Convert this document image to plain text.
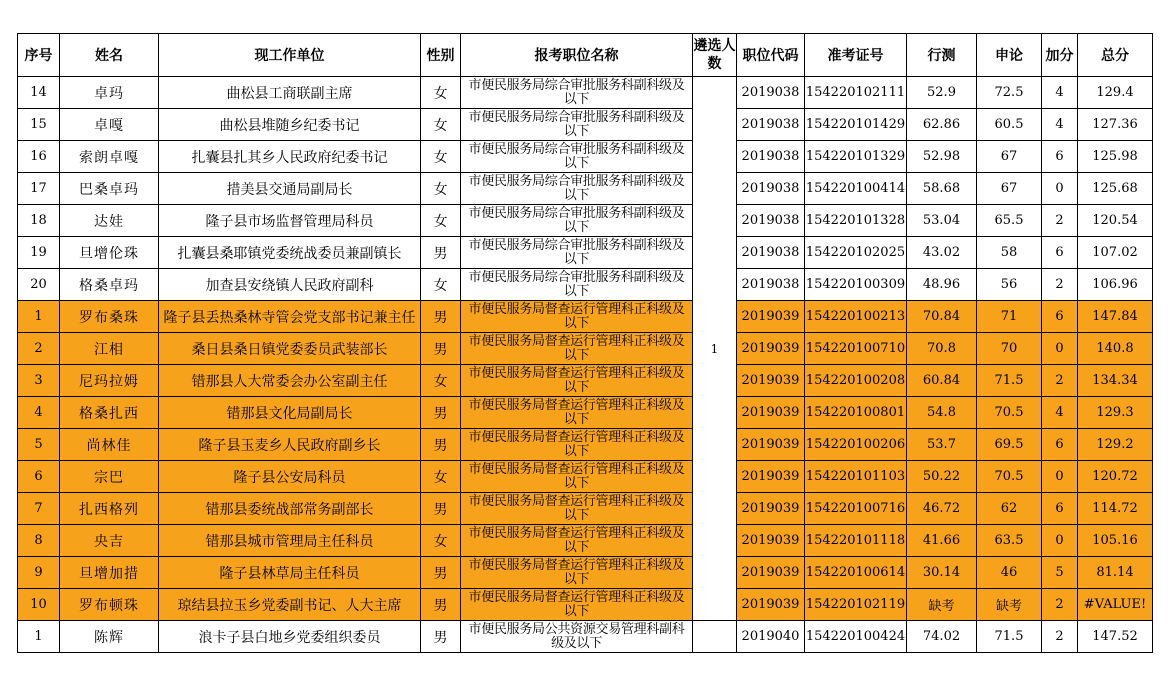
序号	姓名	现工作单位	性别	报考职位名称	遴选人数	职位代码	准考证号	行测	申论	加分	总分
14	卓玛	曲松县工商联副主席	女	市便民服务局综合审批服务科副科级及以下	1	2019038	154220102111	52.9	72.5	4	129.4
15	卓嘎	曲松县堆随乡纪委书记	女	市便民服务局综合审批服务科副科级及以下		2019038	154220101429	62.86	60.5	4	127.36
16	索朗卓嘎	扎囊县扎其乡人民政府纪委书记	女	市便民服务局综合审批服务科副科级及以下		2019038	154220101329	52.98	67	6	125.98
17	巴桑卓玛	措美县交通局副局长	女	市便民服务局综合审批服务科副科级及以下		2019038	154220100414	58.68	67	0	125.68
18	达娃	隆子县市场监督管理局科员	女	市便民服务局综合审批服务科副科级及以下		2019038	154220101328	53.04	65.5	2	120.54
19	旦增伦珠	扎囊县桑耶镇党委统战委员兼副镇长	男	市便民服务局综合审批服务科副科级及以下		2019038	154220102025	43.02	58	6	107.02
20	格桑卓玛	加查县安绕镇人民政府副科	女	市便民服务局综合审批服务科副科级及以下		2019038	154220100309	48.96	56	2	106.96
1	罗布桑珠	隆子县丢热桑林寺管会党支部书记兼主任	男	市便民服务局督查运行管理科正科级及以下		2019039	154220100213	70.84	71	6	147.84
2	江相	桑日县桑日镇党委委员武装部长	男	市便民服务局督查运行管理科正科级及以下		2019039	154220100710	70.8	70	0	140.8
3	尼玛拉姆	错那县人大常委会办公室副主任	女	市便民服务局督查运行管理科正科级及以下		2019039	154220100208	60.84	71.5	2	134.34
4	格桑扎西	错那县文化局副局长	男	市便民服务局督查运行管理科正科级及以下		2019039	154220100801	54.8	70.5	4	129.3
5	尚林佳	隆子县玉麦乡人民政府副乡长	男	市便民服务局督查运行管理科正科级及以下		2019039	154220100206	53.7	69.5	6	129.2
6	宗巴	隆子县公安局科员	女	市便民服务局督查运行管理科正科级及以下		2019039	154220101103	50.22	70.5	0	120.72
7	扎西格列	错那县委统战部常务副部长	男	市便民服务局督查运行管理科正科级及以下		2019039	154220100716	46.72	62	6	114.72
8	央吉	错那县城市管理局主任科员	女	市便民服务局督查运行管理科正科级及以下		2019039	154220101118	41.66	63.5	0	105.16
9	旦增加措	隆子县林草局主任科员	男	市便民服务局督查运行管理科正科级及以下		2019039	154220100614	30.14	46	5	81.14
10	罗布顿珠	琼结县拉玉乡党委副书记、人大主席	男	市便民服务局督查运行管理科正科级及以下		2019039	154220102119	缺考	缺考	2	#VALUE!
1	陈辉	浪卡子县白地乡党委组织委员	男	市便民服务局公共资源交易管理科副科级及以下		2019040	154220100424	74.02	71.5	2	147.52
